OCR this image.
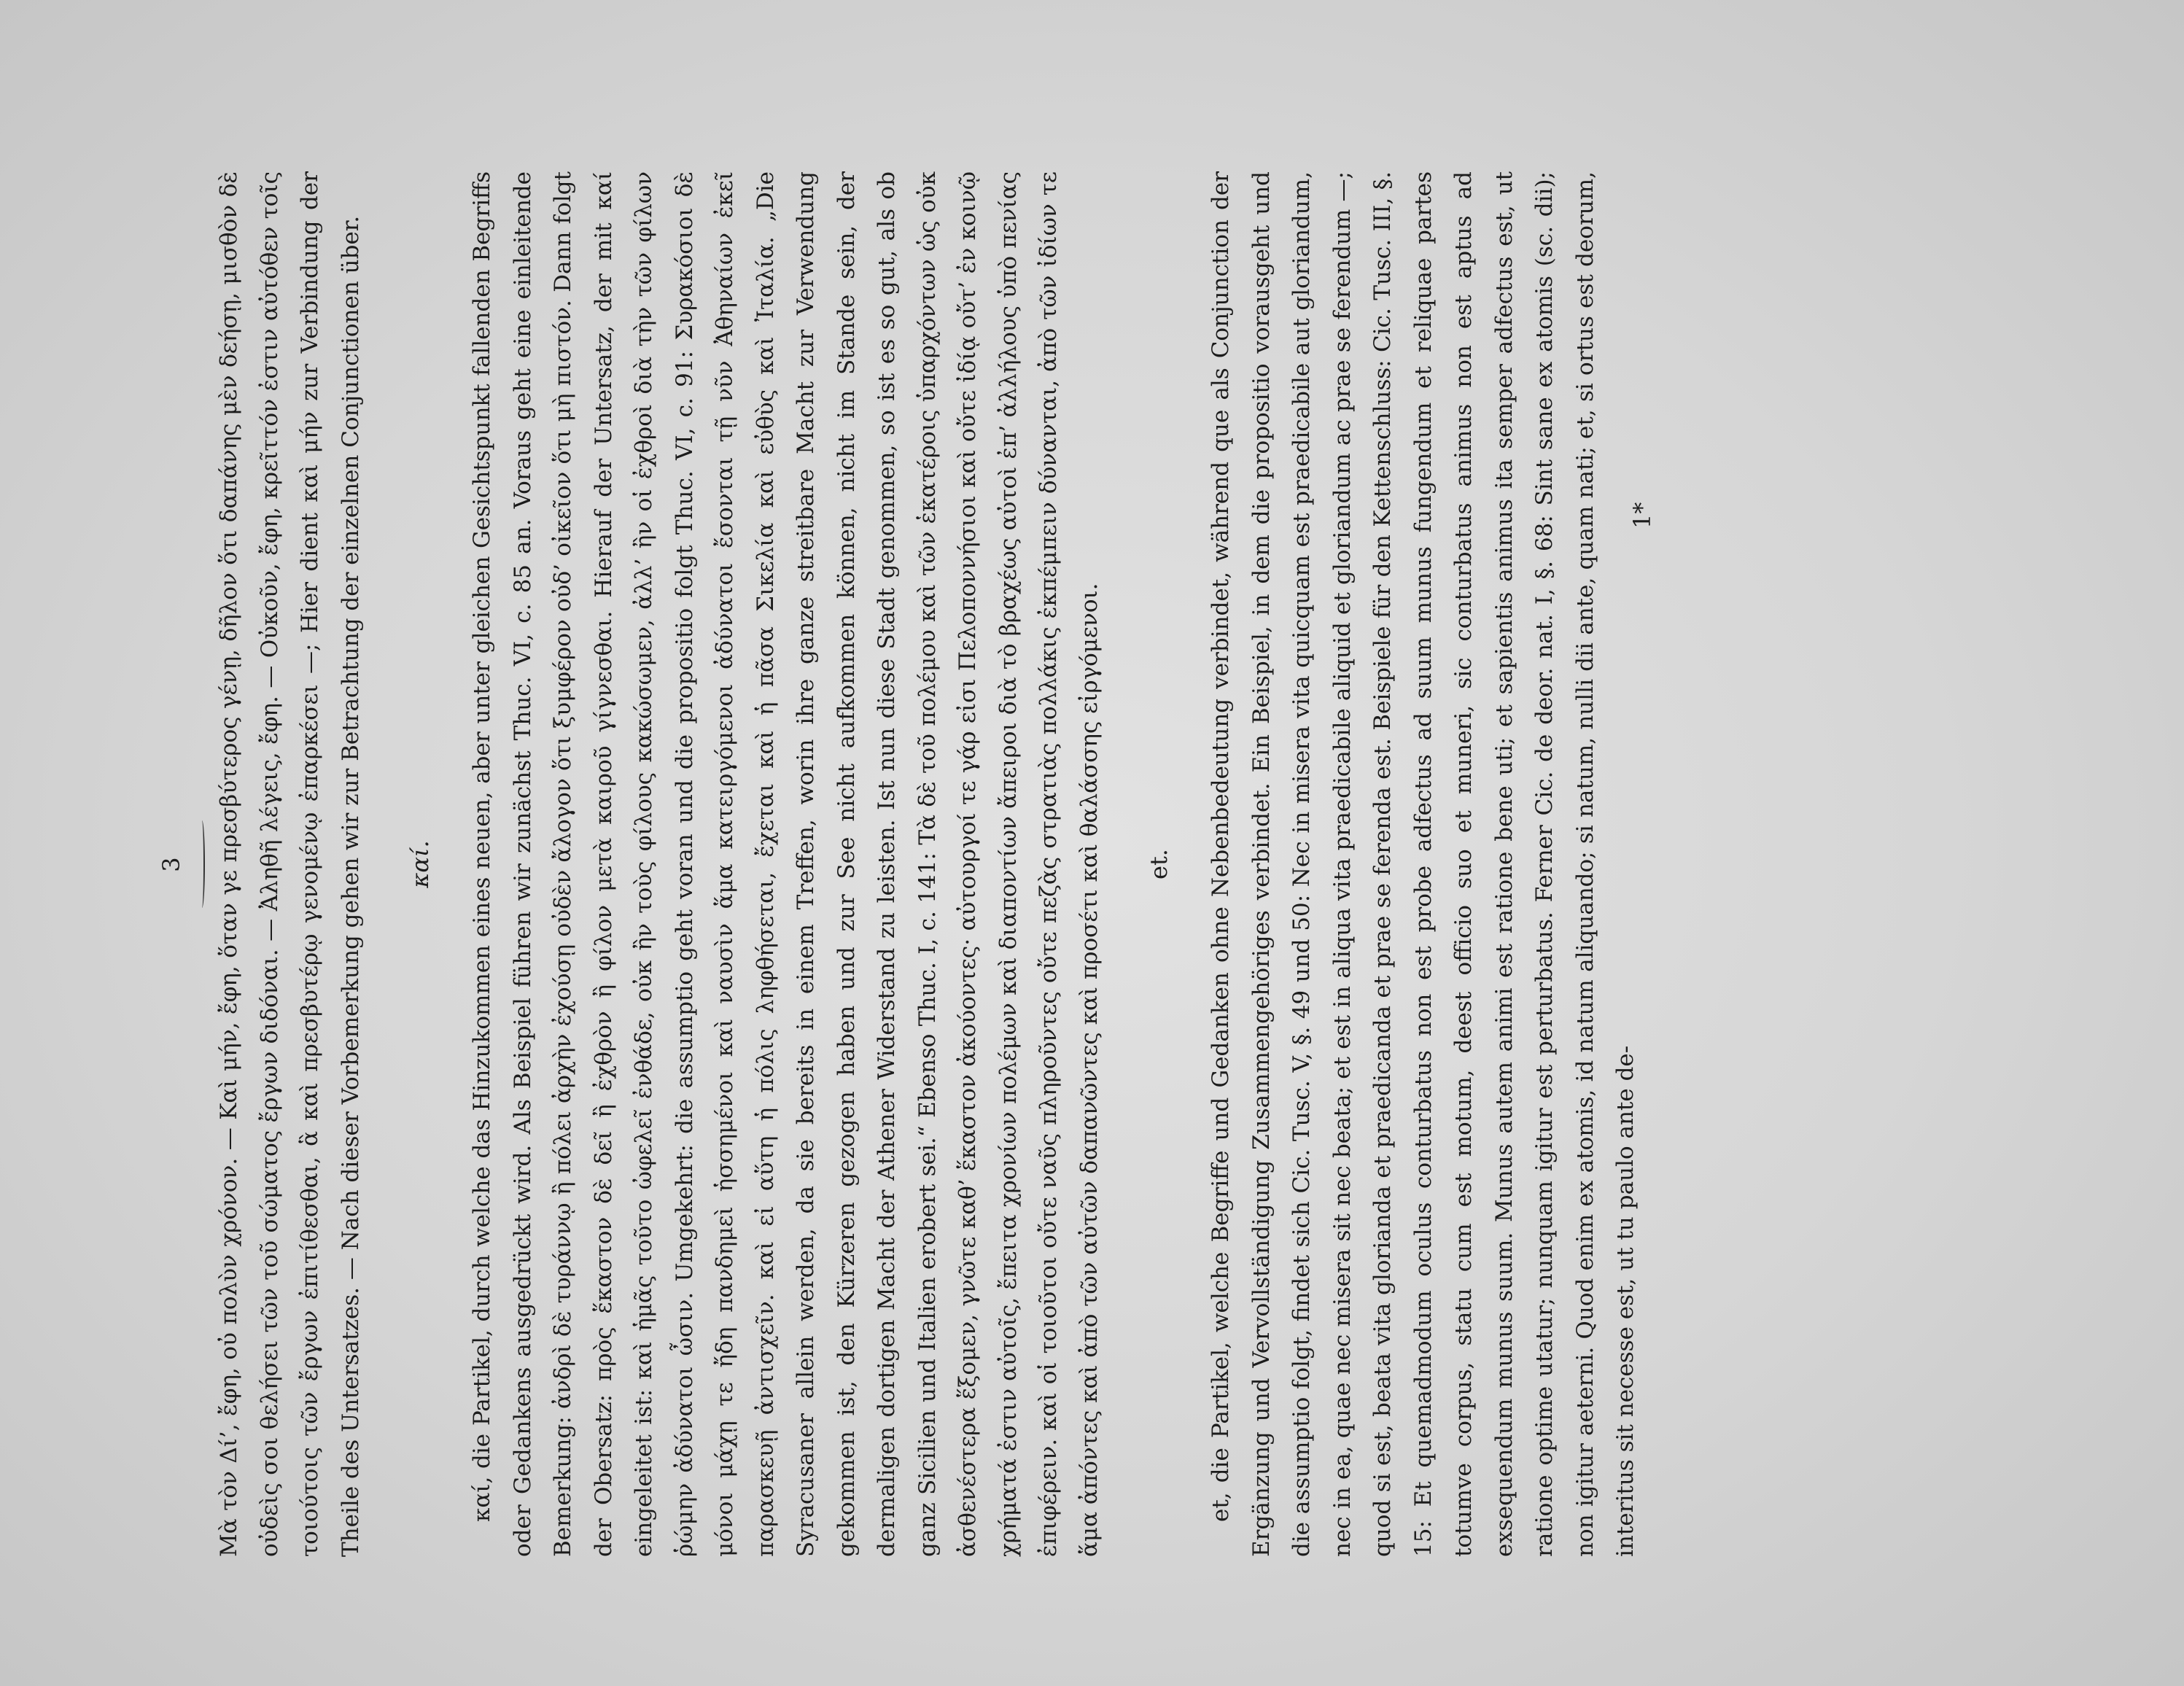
3 Μὰ τὸν Δί’, ἔφη, οὐ πολὺν χρόνον. — Καὶ μήν, ἔφη, ὅταν γε πρεσβύτερος γένῃ, δῆλον ὅτι δαπάνης μὲν δεήσῃ, μισθὸν δὲ οὐδεὶς σοι θελήσει τῶν τοῦ σώματος ἔργων διδόναι. — Ἀληθῆ λέγεις, ἔφη. — Οὐκοῦν, ἔφη, κρεῖττόν ἐστιν αὐτόθεν τοῖς τοιούτοις τῶν ἔργων ἐπιτίθεσθαι, ἃ καὶ πρεσβυτέρῳ γενομένῳ ἐπαρκέσει —; Hier dient καὶ μήν zur Verbindung der Theile des Untersatzes. — Nach dieser Vorbemerkung gehen wir zur Betrachtung der einzelnen Conjunctionen über.	καί. καί, die Partikel, durch welche das Hinzukommen eines neuen, aber unter gleichen Gesichtspunkt fallenden Begriffs oder Gedankens ausgedrückt wird. Als Beispiel führen wir zunächst Thuc. VI, c. 85 an. Voraus geht eine einleitende Bemerkung: ἀνδρὶ δὲ τυράννῳ ἢ πόλει ἀρχὴν ἐχούσῃ οὐδὲν ἄλογον ὅτι ξυμφέρον οὐδ’ οἰκεῖον ὅτι μὴ πιστόν. Dann folgt der Obersatz: πρὸς ἕκαστον δὲ δεῖ ἢ ἐχθρὸν ἢ φίλον μετὰ καιροῦ γίγνεσθαι. Hierauf der Untersatz, der mit καί eingeleitet ist: καὶ ἡμᾶς τοῦτο ὠφελεῖ ἐνθάδε, οὐκ ἢν τοὺς φίλους κακώσωμεν, ἀλλ’ ἢν οἱ ἐχθροὶ διὰ τὴν τῶν φίλων ῥώμην ἀδύνατοι ὦσιν. Umgekehrt: die assumptio geht voran und die propositio folgt Thuc. VI, c. 91: Συρακόσιοι δὲ μόνοι μάχῃ τε ἤδη πανδημεὶ ἡσσημένοι καὶ ναυσὶν ἅμα κατειργόμενοι ἀδύνατοι ἔσονται τῇ νῦν Ἀθηναίων ἐκεῖ παρασκευῇ ἀντισχεῖν. καὶ εἰ αὕτη ἡ πόλις ληφθήσεται, ἔχεται καὶ ἡ πᾶσα Σικελία καὶ εὐθὺς καὶ Ἰταλία. „Die Syracusaner allein werden, da sie bereits in einem Treffen, worin ihre ganze streitbare Macht zur Verwendung gekommen ist, den Kürzeren gezogen haben und zur See nicht aufkommen können, nicht im Stande sein, der dermaligen dortigen Macht der Athener Widerstand zu leisten. Ist nun diese Stadt genommen, so ist es so gut, als ob ganz Sicilien und Italien erobert sei.“ Ebenso Thuc. I, c. 141: Τὰ δὲ τοῦ πολέμου καὶ τῶν ἑκατέροις ὑπαρχόντων ὡς οὐκ ἀσθενέστερα ἕξομεν, γνῶτε καθ’ ἕκαστον ἀκούοντες· αὐτουργοί τε γάρ εἰσι Πελοποννήσιοι καὶ οὔτε ἰδίᾳ οὔτ’ ἐν κοινῷ χρήματά ἐστιν αὐτοῖς, ἔπειτα χρονίων πολέμων καὶ διαποντίων ἄπειροι διὰ τὸ βραχέως αὐτοὶ ἐπ’ ἀλλήλους ὑπὸ πενίας ἐπιφέρειν. καὶ οἱ τοιοῦτοι οὔτε ναῦς πληροῦντες οὔτε πεζὰς στρατιὰς πολλάκις ἐκπέμπειν δύνανται, ἀπὸ τῶν ἰδίων τε ἅμα ἀπόντες καὶ ἀπὸ τῶν αὐτῶν δαπανῶντες καὶ προσέτι καὶ θαλάσσης εἰργόμενοι.	et. et, die Partikel, welche Begriffe und Gedanken ohne Nebenbedeutung verbindet, während que als Conjunction der Ergänzung und Vervollständigung Zusammengehöriges verbindet. Ein Beispiel, in dem die propositio vorausgeht und die assumptio folgt, findet sich Cic. Tusc. V, §. 49 und 50: Nec in misera vita quicquam est praedicabile aut gloriandum, nec in ea, quae nec misera sit nec beata; et est in aliqua vita praedicabile aliquid et gloriandum ac prae se ferendum —; quod si est, beata vita glorianda et praedicanda et prae se ferenda est. Beispiele für den Kettenschluss: Cic. Tusc. III, §. 15: Et quemadmodum oculus conturbatus non est probe adfectus ad suum munus fungendum et reliquae partes totumve corpus, statu cum est motum, deest officio suo et muneri, sic conturbatus animus non est aptus ad exsequendum munus suum. Munus autem animi est ratione bene uti; et sapientis animus ita semper adfectus est, ut ratione optime utatur; nunquam igitur est perturbatus. Ferner Cic. de deor. nat. I, §. 68: Sint sane ex atomis (sc. dii); non igitur aeterni. Quod enim ex atomis, id natum aliquando; si natum, nulli dii ante, quam nati; et, si ortus est deorum, interitus sit necesse est, ut tu paulo ante de-

1*
